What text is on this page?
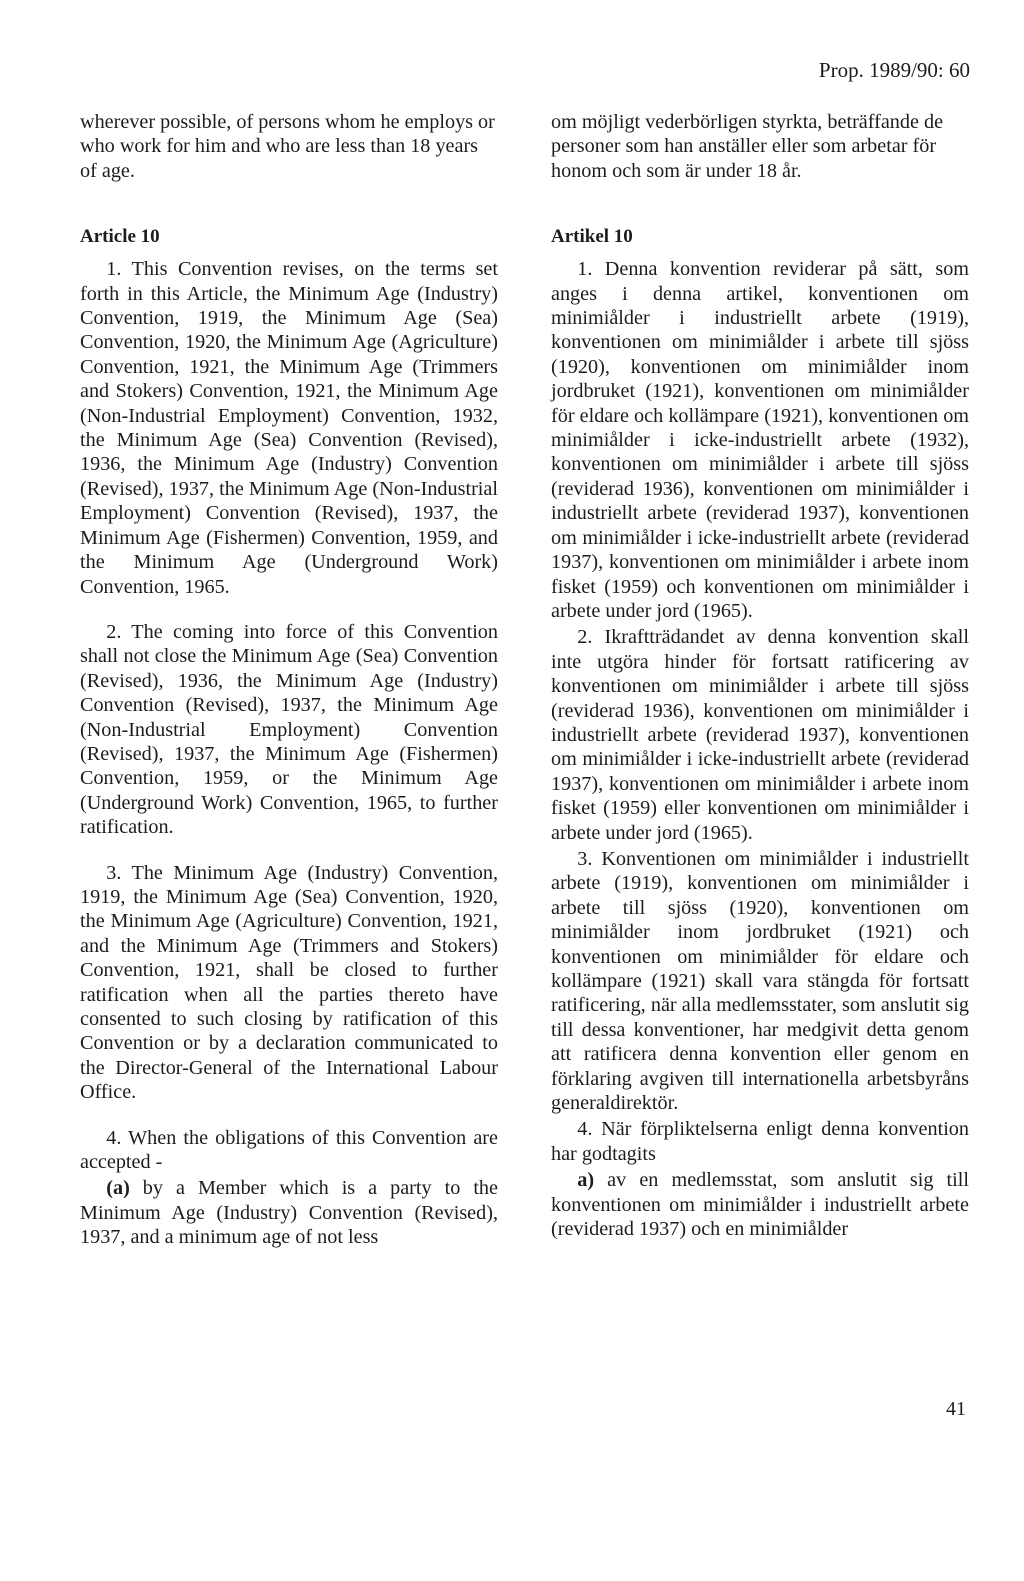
Prop. 1989/90: 60

wherever possible, of persons whom he employs or who work for him and who are less than 18 years of age.

Article 10

1. This Convention revises, on the terms set forth in this Article, the Minimum Age (Industry) Convention, 1919, the Minimum Age (Sea) Convention, 1920, the Minimum Age (Agriculture) Convention, 1921, the Minimum Age (Trimmers and Stokers) Convention, 1921, the Minimum Age (Non-Industrial Employment) Convention, 1932, the Minimum Age (Sea) Convention (Revised), 1936, the Minimum Age (Industry) Convention (Revised), 1937, the Minimum Age (Non-Industrial Employment) Convention (Revised), 1937, the Minimum Age (Fishermen) Convention, 1959, and the Minimum Age (Underground Work) Convention, 1965.

2. The coming into force of this Convention shall not close the Minimum Age (Sea) Convention (Revised), 1936, the Minimum Age (Industry) Convention (Revised), 1937, the Minimum Age (Non-Industrial Employment) Convention (Revised), 1937, the Minimum Age (Fishermen) Convention, 1959, or the Minimum Age (Underground Work) Convention, 1965, to further ratification.

3. The Minimum Age (Industry) Convention, 1919, the Minimum Age (Sea) Convention, 1920, the Minimum Age (Agriculture) Convention, 1921, and the Minimum Age (Trimmers and Stokers) Convention, 1921, shall be closed to further ratification when all the parties thereto have consented to such closing by ratification of this Convention or by a declaration communicated to the Director-General of the International Labour Office.

4. When the obligations of this Convention are accepted -

(a) by a Member which is a party to the Minimum Age (Industry) Convention (Revised), 1937, and a minimum age of not less

om möjligt vederbörligen styrkta, beträffande de personer som han anställer eller som arbetar för honom och som är under 18 år.

Artikel 10

1. Denna konvention reviderar på sätt, som anges i denna artikel, konventionen om minimiålder i industriellt arbete (1919), konventionen om minimiålder i arbete till sjöss (1920), konventionen om minimiålder inom jordbruket (1921), konventionen om minimiålder för eldare och kollämpare (1921), konventionen om minimiålder i icke-industriellt arbete (1932), konventionen om minimiålder i arbete till sjöss (reviderad 1936), konventionen om minimiålder i industriellt arbete (reviderad 1937), konventionen om minimiålder i icke-industriellt arbete (reviderad 1937), konventionen om minimiålder i arbete inom fisket (1959) och konventionen om minimiålder i arbete under jord (1965).

2. Ikraftträdandet av denna konvention skall inte utgöra hinder för fortsatt ratificering av konventionen om minimiålder i arbete till sjöss (reviderad 1936), konventionen om minimiålder i industriellt arbete (reviderad 1937), konventionen om minimiålder i icke-industriellt arbete (reviderad 1937), konventionen om minimiålder i arbete inom fisket (1959) eller konventionen om minimiålder i arbete under jord (1965).

3. Konventionen om minimiålder i industriellt arbete (1919), konventionen om minimiålder i arbete till sjöss (1920), konventionen om minimiålder inom jordbruket (1921) och konventionen om minimiålder för eldare och kollämpare (1921) skall vara stängda för fortsatt ratificering, när alla medlemsstater, som anslutit sig till dessa konventioner, har medgivit detta genom att ratificera denna konvention eller genom en förklaring avgiven till internationella arbetsbyråns generaldirektör.

4. När förpliktelserna enligt denna konvention har godtagits

a) av en medlemsstat, som anslutit sig till konventionen om minimiålder i industriellt arbete (reviderad 1937) och en minimiålder

41
